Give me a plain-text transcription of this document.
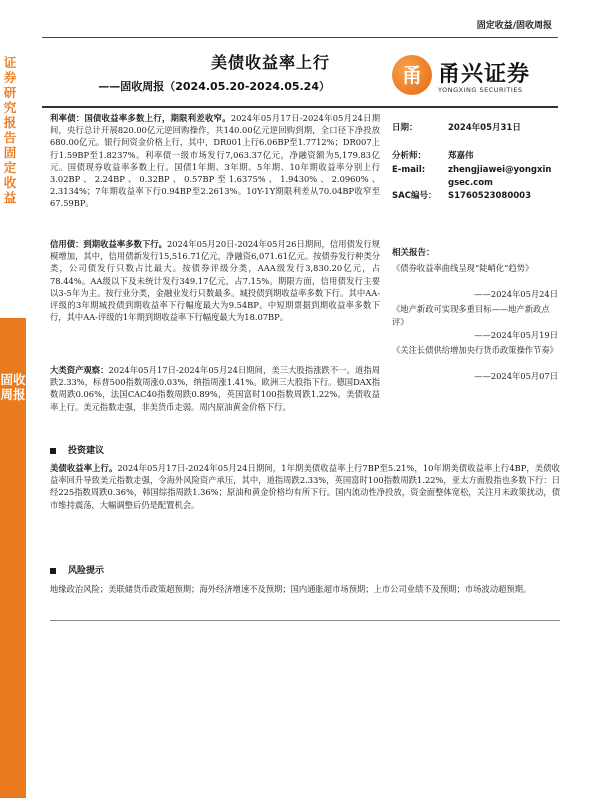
固定收益/固收周报
美债收益率上行
——固收周报（2024.05.20-2024.05.24）	甬 甬兴证券
YONGXING SECURITIES
证券研究报告 固定收益
固收周报
利率债：国债收益率多数上行，期限利差收窄。2024年05月17日-2024年05月24日期间，央行总计开展820.00亿元逆回购操作，共140.00亿元逆回购到期，全口径下净投放680.00亿元。银行间资金价格上行，其中，DR001上行6.06BP至1.7712%；DR007上行1.59BP至1.8237%。利率债一级市场发行7,063.37亿元，净融资额为5,179.83亿元。国债现券收益率多数上行。国债1年期、3年期、5年期、10年期收益率分别上行3.02BP、2.24BP、0.32BP、0.57BP至1.6375%、1.9430%、2.0960%、2.3134%；7年期收益率下行0.94BP至2.2613%。10Y-1Y期限利差从70.04BP收窄至67.59BP。
信用债：到期收益率多数下行。2024年05月20日-2024年05月26日期间，信用债发行规模增加，其中，信用债新发行15,516.71亿元，净融资6,071.61亿元。按债券发行种类分类，公司债发行只数占比最大。按债券评级分类，AAA级发行3,830.20亿元，占78.44%。AA级以下及未统计发行349.17亿元，占7.15%。期限方面，信用债发行主要以3-5年为主。按行业分类，金融业发行只数最多。城投债到期收益率多数下行。其中AA-评级的3年期城投债到期收益率下行幅度最大为9.54BP。中短期票据到期收益率多数下行，其中AA-评级的1年期到期收益率下行幅度最大为18.07BP。
大类资产观察：2024年05月17日-2024年05月24日期间，美三大股指涨跌不一。道指周跌2.33%，标普500指数周涨0.03%，纳指周涨1.41%。欧洲三大股指下行。德国DAX指数周跌0.06%，法国CAC40指数周跌0.89%，英国富时100指数周跌1.22%。美债收益率上行。美元指数走强，非美货币走弱。周内原油黄金价格下行。
投资建议
美债收益率上行。2024年05月17日-2024年05月24日期间，1年期美债收益率上行7BP至5.21%，10年期美债收益率上行4BP，美债收益率回升导致美元指数走强，令海外风险资产承压，其中，道指周跌2.33%，英国富时100指数周跌1.22%，亚太方面股指也多数下行：日经225指数周跌0.36%，韩国综指周跌1.36%；原油和黄金价格均有所下行。国内流动性净投放，资金面整体宽松，关注月末政策扰动，债市维持震荡，大幅调整后仍是配置机会。
风险提示
地缘政治风险；美联储货币政策超预期；海外经济增速不及预期；国内通胀超市场预期；上市公司业绩不及预期；市场波动超预期。
日期：	2024年05月31日
分析师：	郑嘉伟
E-mail:	zhengjiawei@yongxin
gsec.com
SAC编号： S1760523080003
相关报告：
《债券收益率曲线呈现“陡峭化”趋势》
——2024年05月24日
《地产新政可实现多重目标——地产新政点评》
——2024年05月19日
《关注长债供给增加央行货币政策操作节奏》
——2024年05月07日
